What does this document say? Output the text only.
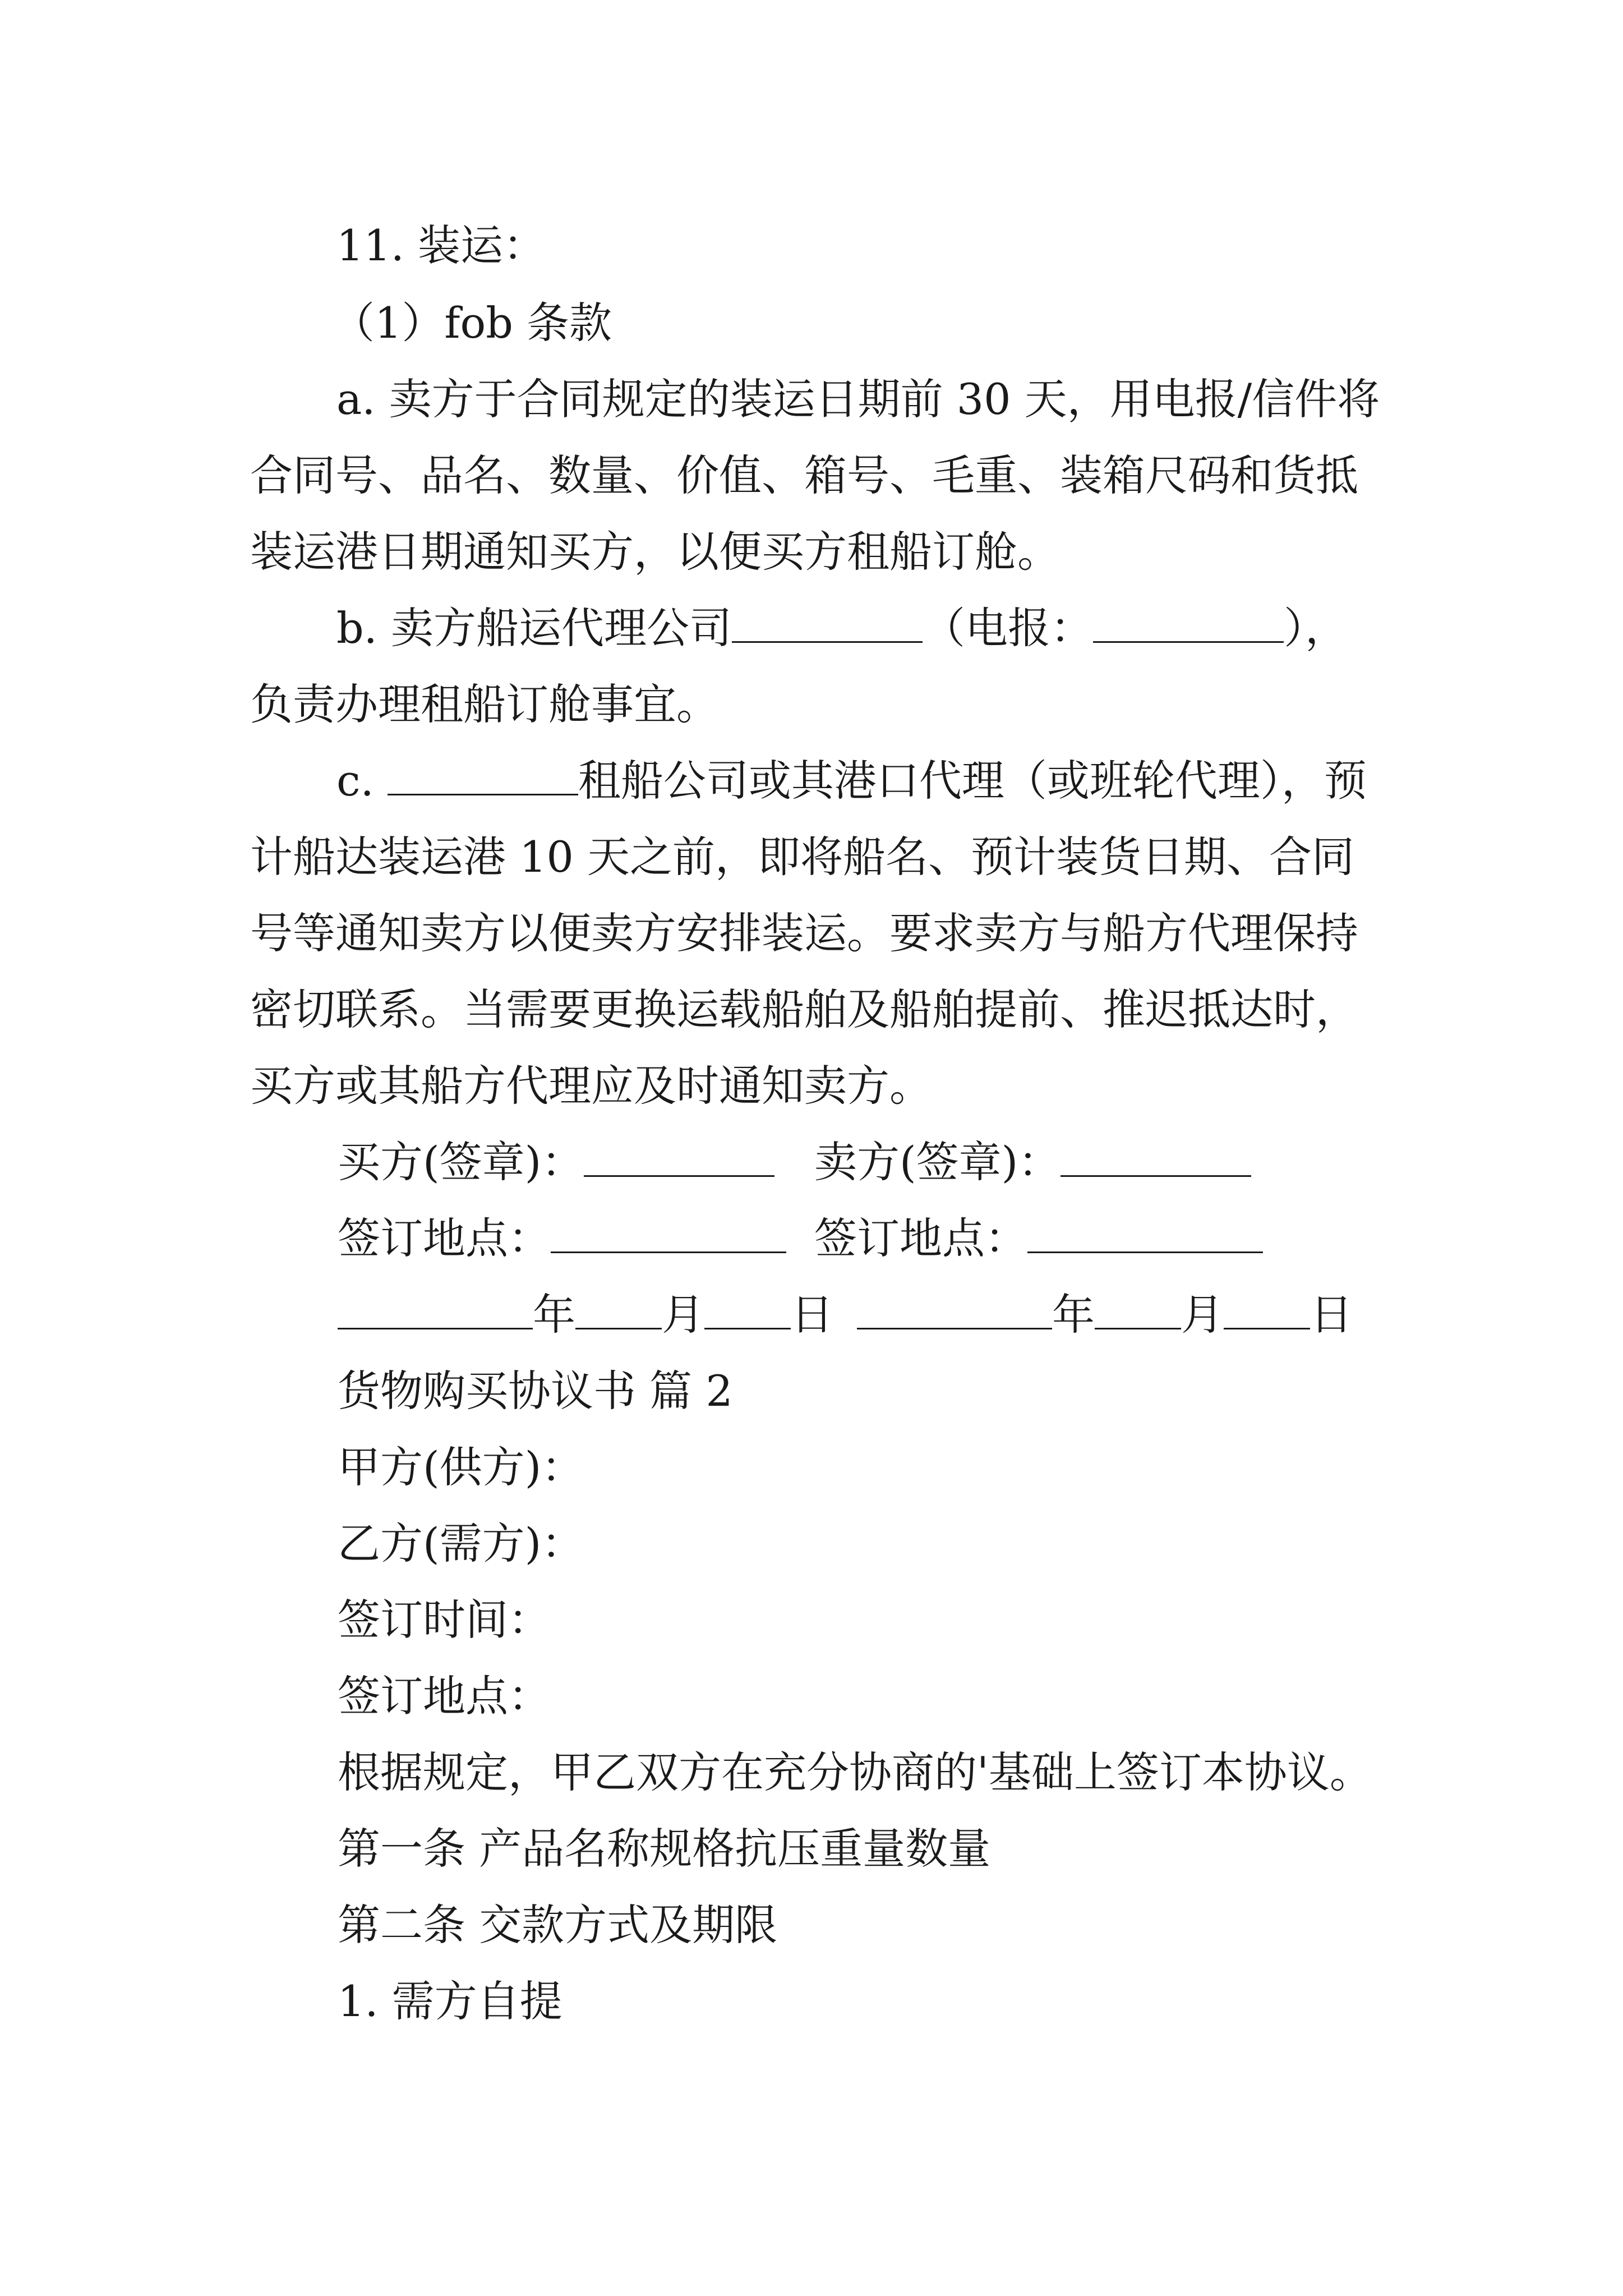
11. 装运：

（1）fob 条款

a. 卖方于合同规定的装运日期前 30 天，用电报/信件将

合同号、品名、数量、价值、箱号、毛重、装箱尺码和货抵

装运港日期通知买方，以便买方租船订舱。

b. 卖方船运代理公司	（电报：	），

负责办理租船订舱事宜。

c.	租船公司或其港口代理（或班轮代理），预

计船达装运港 10 天之前，即将船名、预计装货日期、合同

号等通知卖方以便卖方安排装运。要求卖方与船方代理保持

密切联系。当需要更换运载船舶及船舶提前、推迟抵达时，

买方或其船方代理应及时通知卖方。

买方(签章)：	卖方(签章)：

签订地点：	签订地点：

年 月 日	年 月 日

货物购买协议书 篇 2

甲方(供方)：

乙方(需方)：

签订时间：

签订地点：

根据规定，甲乙双方在充分协商的'基础上签订本协议。

第一条 产品名称规格抗压重量数量

第二条 交款方式及期限

1. 需方自提
